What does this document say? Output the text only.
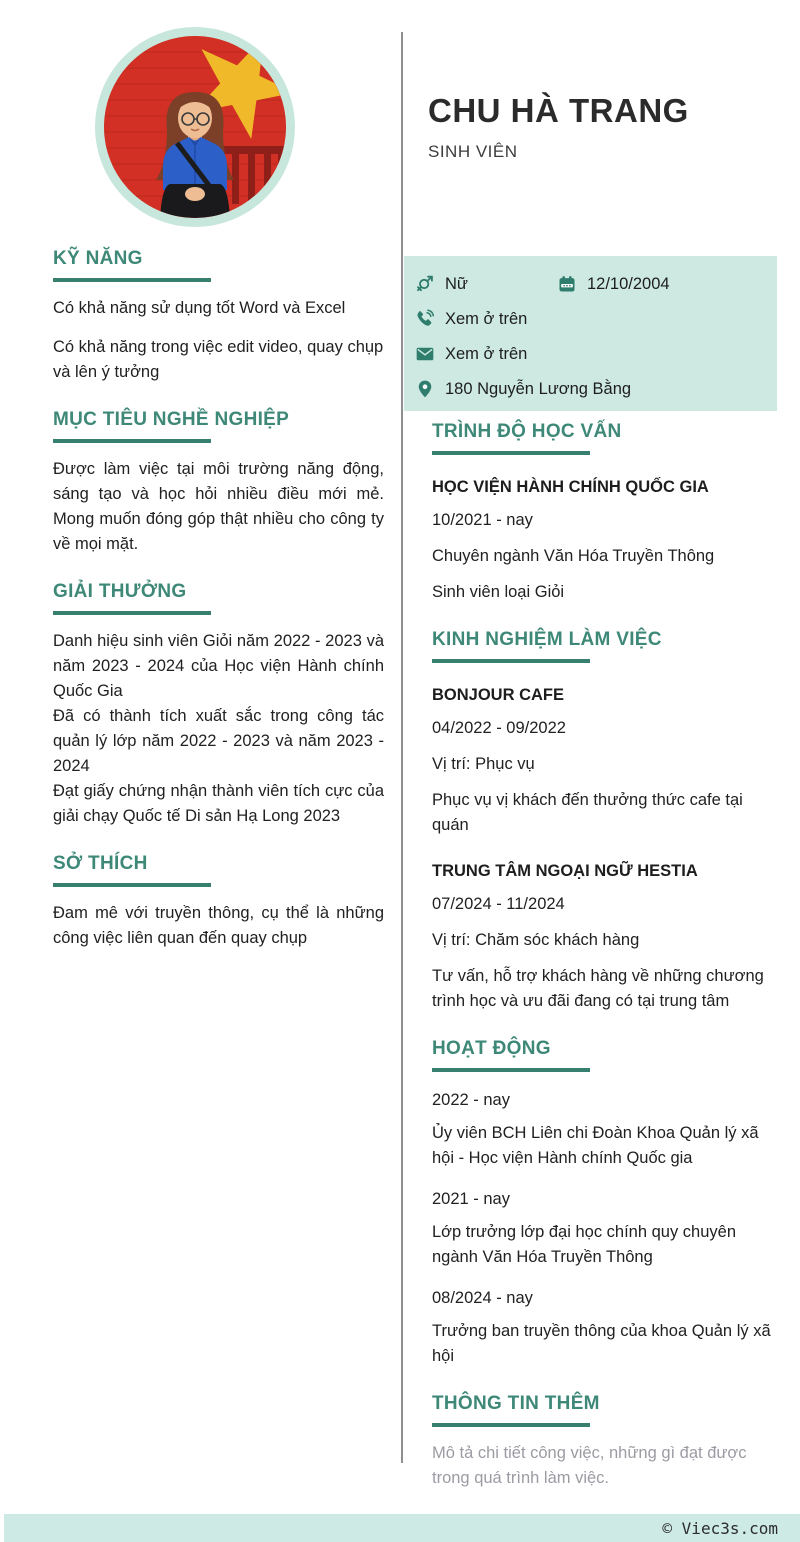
CHU HÀ TRANG
SINH VIÊN
Nữ	12/10/2004
Xem ở trên
Xem ở trên
180 Nguyễn Lương Bằng
KỸ NĂNG

Có khả năng sử dụng tốt Word và Excel

Có khả năng trong việc edit video, quay chụp và lên ý tưởng

MỤC TIÊU NGHỀ NGHIỆP

Được làm việc tại môi trường năng động, sáng tạo và học hỏi nhiều điều mới mẻ. Mong muốn đóng góp thật nhiều cho công ty về mọi mặt.

GIẢI THƯỞNG

Danh hiệu sinh viên Giỏi năm 2022 - 2023 và năm 2023 - 2024 của Học viện Hành chính Quốc Gia

Đã có thành tích xuất sắc trong công tác quản lý lớp năm 2022 - 2023 và năm 2023 - 2024

Đạt giấy chứng nhận thành viên tích cực của giải chạy Quốc tế Di sản Hạ Long 2023

SỞ THÍCH

Đam mê với truyền thông, cụ thể là những công việc liên quan đến quay chụp

TRÌNH ĐỘ HỌC VẤN

HỌC VIỆN HÀNH CHÍNH QUỐC GIA

10/2021 - nay

Chuyên ngành Văn Hóa Truyền Thông

Sinh viên loại Giỏi

KINH NGHIỆM LÀM VIỆC

BONJOUR CAFE

04/2022 - 09/2022

Vị trí: Phục vụ

Phục vụ vị khách đến thưởng thức cafe tại quán

TRUNG TÂM NGOẠI NGỮ HESTIA

07/2024 - 11/2024

Vị trí: Chăm sóc khách hàng

Tư vấn, hỗ trợ khách hàng về những chương trình học và ưu đãi đang có tại trung tâm

HOẠT ĐỘNG

2022 - nay

Ủy viên BCH Liên chi Đoàn Khoa Quản lý xã hội - Học viện Hành chính Quốc gia

2021 - nay

Lớp trưởng lớp đại học chính quy chuyên ngành Văn Hóa Truyền Thông

08/2024 - nay

Trưởng ban truyền thông của khoa Quản lý xã hội

THÔNG TIN THÊM

Mô tả chi tiết công việc, những gì đạt được trong quá trình làm việc.

© Viec3s.com
